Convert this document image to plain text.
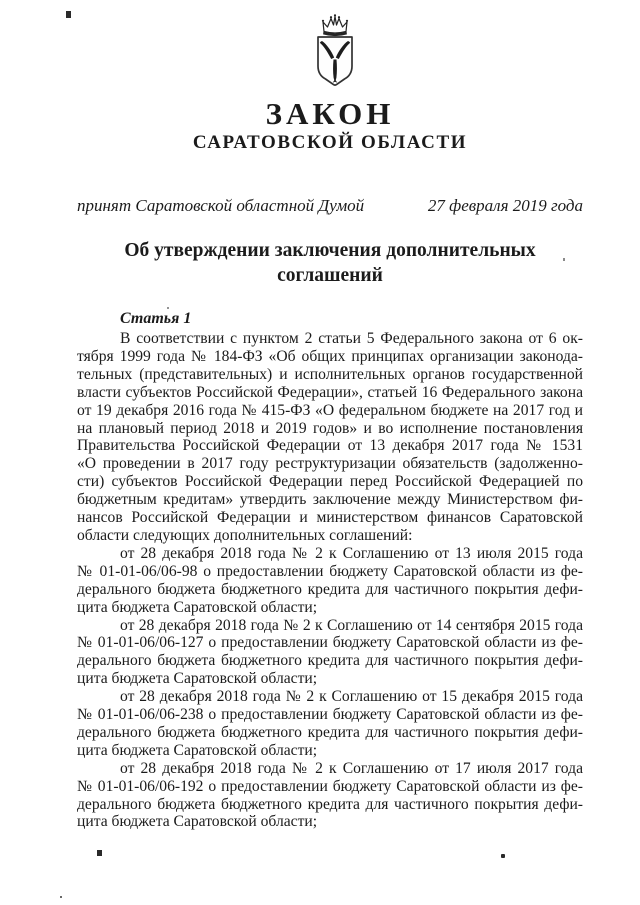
ЗАКОН
САРАТОВСКОЙ ОБЛАСТИ
принят Саратовской областной Думой	27 февраля 2019 года
Об утверждении заключения дополнительных
соглашений
Статья 1
В соответствии с пунктом 2 статьи 5 Федерального закона от 6 ок-
тября 1999 года № 184-ФЗ «Об общих принципах организации законода-
тельных (представительных) и исполнительных органов государственной
власти субъектов Российской Федерации», статьей 16 Федерального закона
от 19 декабря 2016 года № 415-ФЗ «О федеральном бюджете на 2017 год и
на плановый период 2018 и 2019 годов» и во исполнение постановления
Правительства Российской Федерации от 13 декабря 2017 года № 1531
«О проведении в 2017 году реструктуризации обязательств (задолженно-
сти) субъектов Российской Федерации перед Российской Федерацией по
бюджетным кредитам» утвердить заключение между Министерством фи-
нансов Российской Федерации и министерством финансов Саратовской
области следующих дополнительных соглашений:
от 28 декабря 2018 года № 2 к Соглашению от 13 июля 2015 года
№ 01-01-06/06-98 о предоставлении бюджету Саратовской области из фе-
дерального бюджета бюджетного кредита для частичного покрытия дефи-
цита бюджета Саратовской области;
от 28 декабря 2018 года № 2 к Соглашению от 14 сентября 2015 года
№ 01-01-06/06-127 о предоставлении бюджету Саратовской области из фе-
дерального бюджета бюджетного кредита для частичного покрытия дефи-
цита бюджета Саратовской области;
от 28 декабря 2018 года № 2 к Соглашению от 15 декабря 2015 года
№ 01-01-06/06-238 о предоставлении бюджету Саратовской области из фе-
дерального бюджета бюджетного кредита для частичного покрытия дефи-
цита бюджета Саратовской области;
от 28 декабря 2018 года № 2 к Соглашению от 17 июля 2017 года
№ 01-01-06/06-192 о предоставлении бюджету Саратовской области из фе-
дерального бюджета бюджетного кредита для частичного покрытия дефи-
цита бюджета Саратовской области;
